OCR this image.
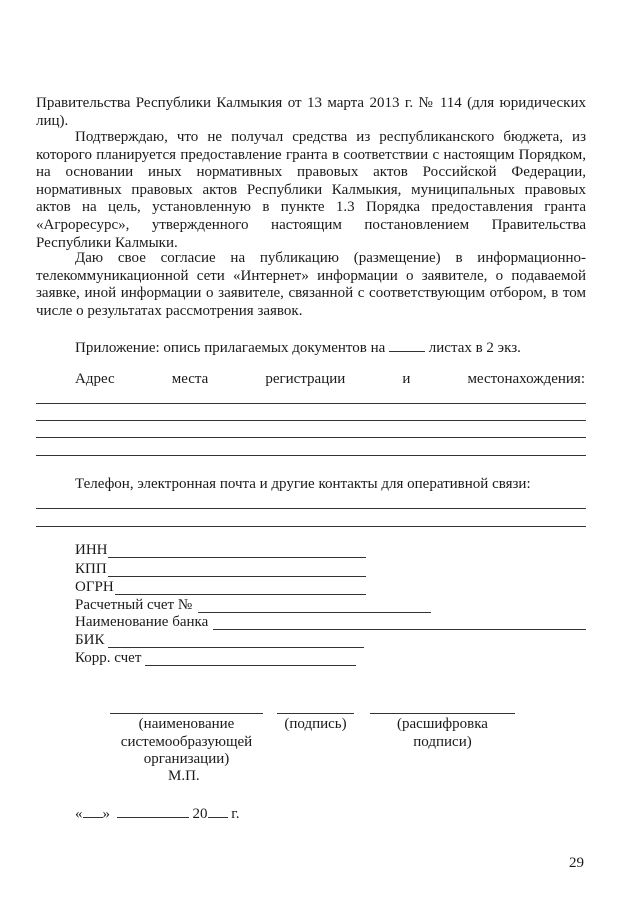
Правительства Республики Калмыкия от 13 марта 2013 г. № 114 (для юридических лиц).

Подтверждаю, что не получал средства из республиканского бюджета, из которого планируется предоставление гранта в соответствии с настоящим Порядком, на основании иных нормативных правовых актов Российской Федерации, нормативных правовых актов Республики Калмыкия, муниципальных правовых актов на цель, установленную в пункте 1.3 Порядка предоставления гранта «Агроресурс», утвержденного настоящим постановлением Правительства Республики Калмыки.

Даю свое согласие на публикацию (размещение) в информационно-телекоммуникационной сети «Интернет» информации о заявителе, о подаваемой заявке, иной информации о заявителе, связанной с соответствующим отбором, в том числе о результатах рассмотрения заявок.

Приложение: опись прилагаемых документов на	листах в 2 экз.
Адрес	места	регистрации	и	местонахождения:
Телефон, электронная почта и другие контакты для оперативной связи:
ИНН
КПП
ОГРН
Расчетный счет №
Наименование банка
БИК
Корр. счет
(наименование системообразующей организации)
(подпись)	(расшифровка подписи)
М.П.
« »	20 г.
29
